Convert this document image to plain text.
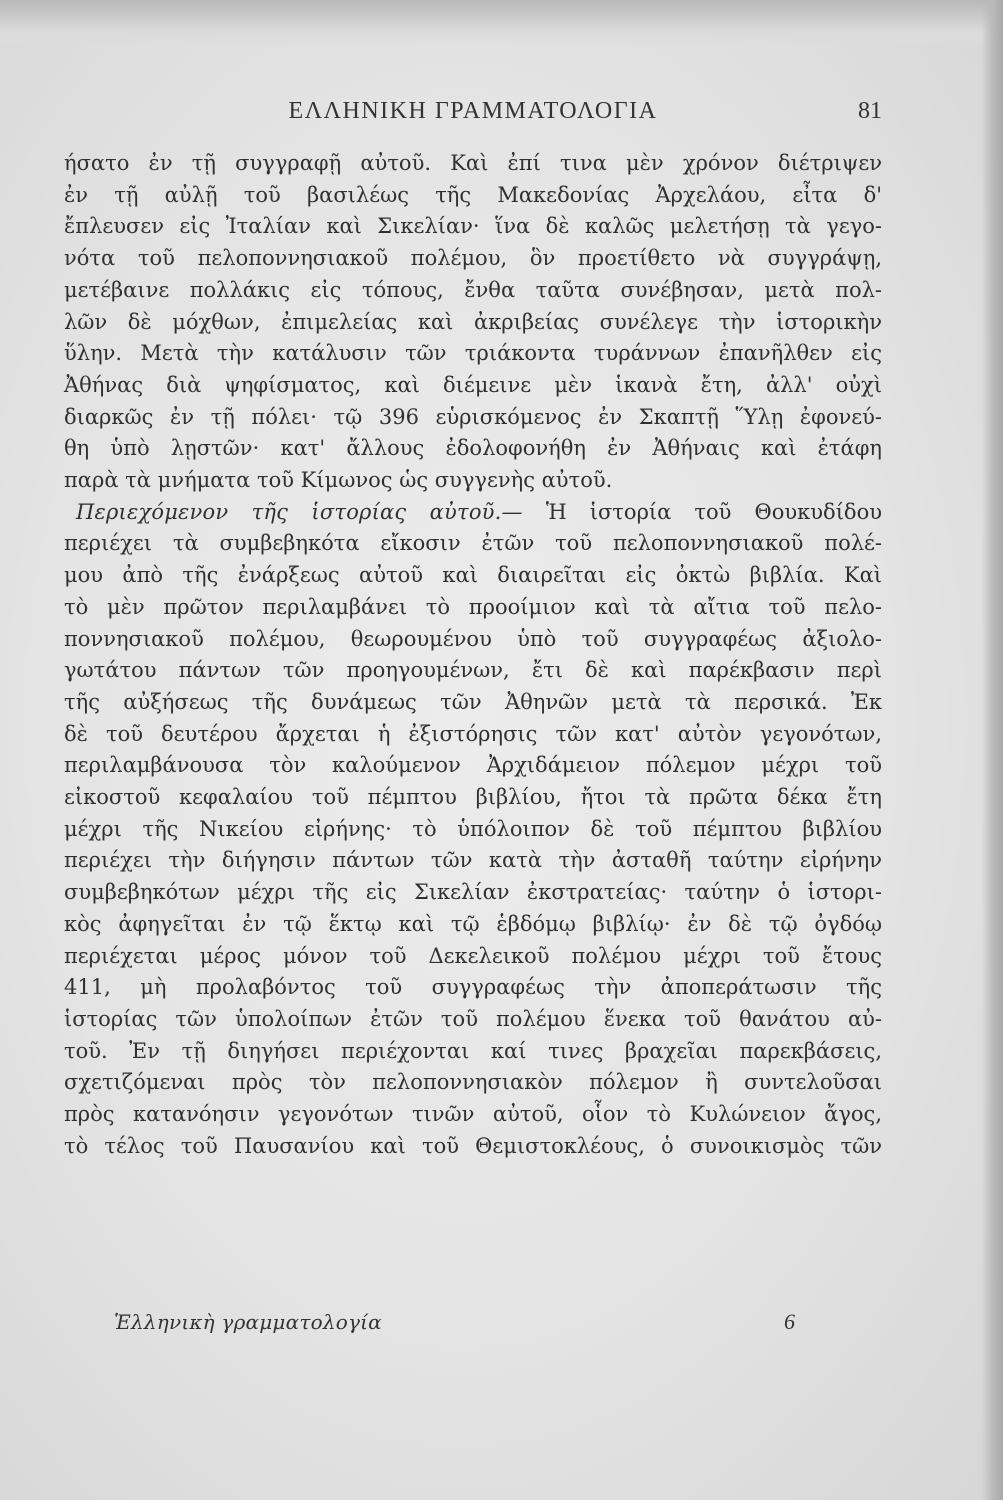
ΕΛΛΗΝΙΚΗ ΓΡΑΜΜΑΤΟΛΟΓΙΑ	81
ήσατο ἐν τῇ συγγραφῇ αὐτοῦ. Καὶ ἐπί τινα μὲν χρόνον διέτριψεν
ἐν τῇ αὐλῇ τοῦ βασιλέως τῆς Μακεδονίας Ἀρχελάου, εἶτα δ'
ἔπλευσεν εἰς Ἰταλίαν καὶ Σικελίαν· ἵνα δὲ καλῶς μελετήσῃ τὰ γεγο-
νότα τοῦ πελοποννησιακοῦ πολέμου, ὃν προετίθετο νὰ συγγράψῃ,
μετέβαινε πολλάκις εἰς τόπους, ἔνθα ταῦτα συνέβησαν, μετὰ πολ-
λῶν δὲ μόχθων, ἐπιμελείας καὶ ἀκριβείας συνέλεγε τὴν ἱστορικὴν
ὕλην. Μετὰ τὴν κατάλυσιν τῶν τριάκοντα τυράννων ἐπανῆλθεν εἰς
Ἀθήνας διὰ ψηφίσματος, καὶ διέμεινε μὲν ἱκανὰ ἔτη, ἀλλ' οὐχὶ
διαρκῶς ἐν τῇ πόλει· τῷ 396 εὑρισκόμενος ἐν Σκαπτῇ Ὕλῃ ἐφονεύ-
θη ὑπὸ λῃστῶν· κατ' ἄλλους ἐδολοφονήθη ἐν Ἀθήναις καὶ ἐτάφη
παρὰ τὰ μνήματα τοῦ Κίμωνος ὡς συγγενὴς αὐτοῦ.
Περιεχόμενον τῆς ἱστορίας αὐτοῦ.— Ἡ ἱστορία τοῦ Θουκυδίδου
περιέχει τὰ συμβεβηκότα εἴκοσιν ἐτῶν τοῦ πελοποννησιακοῦ πολέ-
μου ἀπὸ τῆς ἐνάρξεως αὐτοῦ καὶ διαιρεῖται εἰς ὀκτὼ βιβλία. Καὶ
τὸ μὲν πρῶτον περιλαμβάνει τὸ προοίμιον καὶ τὰ αἴτια τοῦ πελο-
ποννησιακοῦ πολέμου, θεωρουμένου ὑπὸ τοῦ συγγραφέως ἀξιολο-
γωτάτου πάντων τῶν προηγουμένων, ἔτι δὲ καὶ παρέκβασιν περὶ
τῆς αὐξήσεως τῆς δυνάμεως τῶν Ἀθηνῶν μετὰ τὰ περσικά. Ἐκ
δὲ τοῦ δευτέρου ἄρχεται ἡ ἐξιστόρησις τῶν κατ' αὐτὸν γεγονότων,
περιλαμβάνουσα τὸν καλούμενον Ἀρχιδάμειον πόλεμον μέχρι τοῦ
εἰκοστοῦ κεφαλαίου τοῦ πέμπτου βιβλίου, ἤτοι τὰ πρῶτα δέκα ἔτη
μέχρι τῆς Νικείου εἰρήνης· τὸ ὑπόλοιπον δὲ τοῦ πέμπτου βιβλίου
περιέχει τὴν διήγησιν πάντων τῶν κατὰ τὴν ἀσταθῆ ταύτην εἰρήνην
συμβεβηκότων μέχρι τῆς εἰς Σικελίαν ἐκστρατείας· ταύτην ὁ ἱστορι-
κὸς ἀφηγεῖται ἐν τῷ ἕκτῳ καὶ τῷ ἑβδόμῳ βιβλίῳ· ἐν δὲ τῷ ὀγδόῳ
περιέχεται μέρος μόνον τοῦ Δεκελεικοῦ πολέμου μέχρι τοῦ ἔτους
411, μὴ προλαβόντος τοῦ συγγραφέως τὴν ἀποπεράτωσιν τῆς
ἱστορίας τῶν ὑπολοίπων ἐτῶν τοῦ πολέμου ἕνεκα τοῦ θανάτου αὐ-
τοῦ. Ἐν τῇ διηγήσει περιέχονται καί τινες βραχεῖαι παρεκβάσεις,
σχετιζόμεναι πρὸς τὸν πελοποννησιακὸν πόλεμον ἢ συντελοῦσαι
πρὸς κατανόησιν γεγονότων τινῶν αὐτοῦ, οἷον τὸ Κυλώνειον ἄγος,
τὸ τέλος τοῦ Παυσανίου καὶ τοῦ Θεμιστοκλέους, ὁ συνοικισμὸς τῶν
Ἑλληνικὴ γραμματολογία	6
